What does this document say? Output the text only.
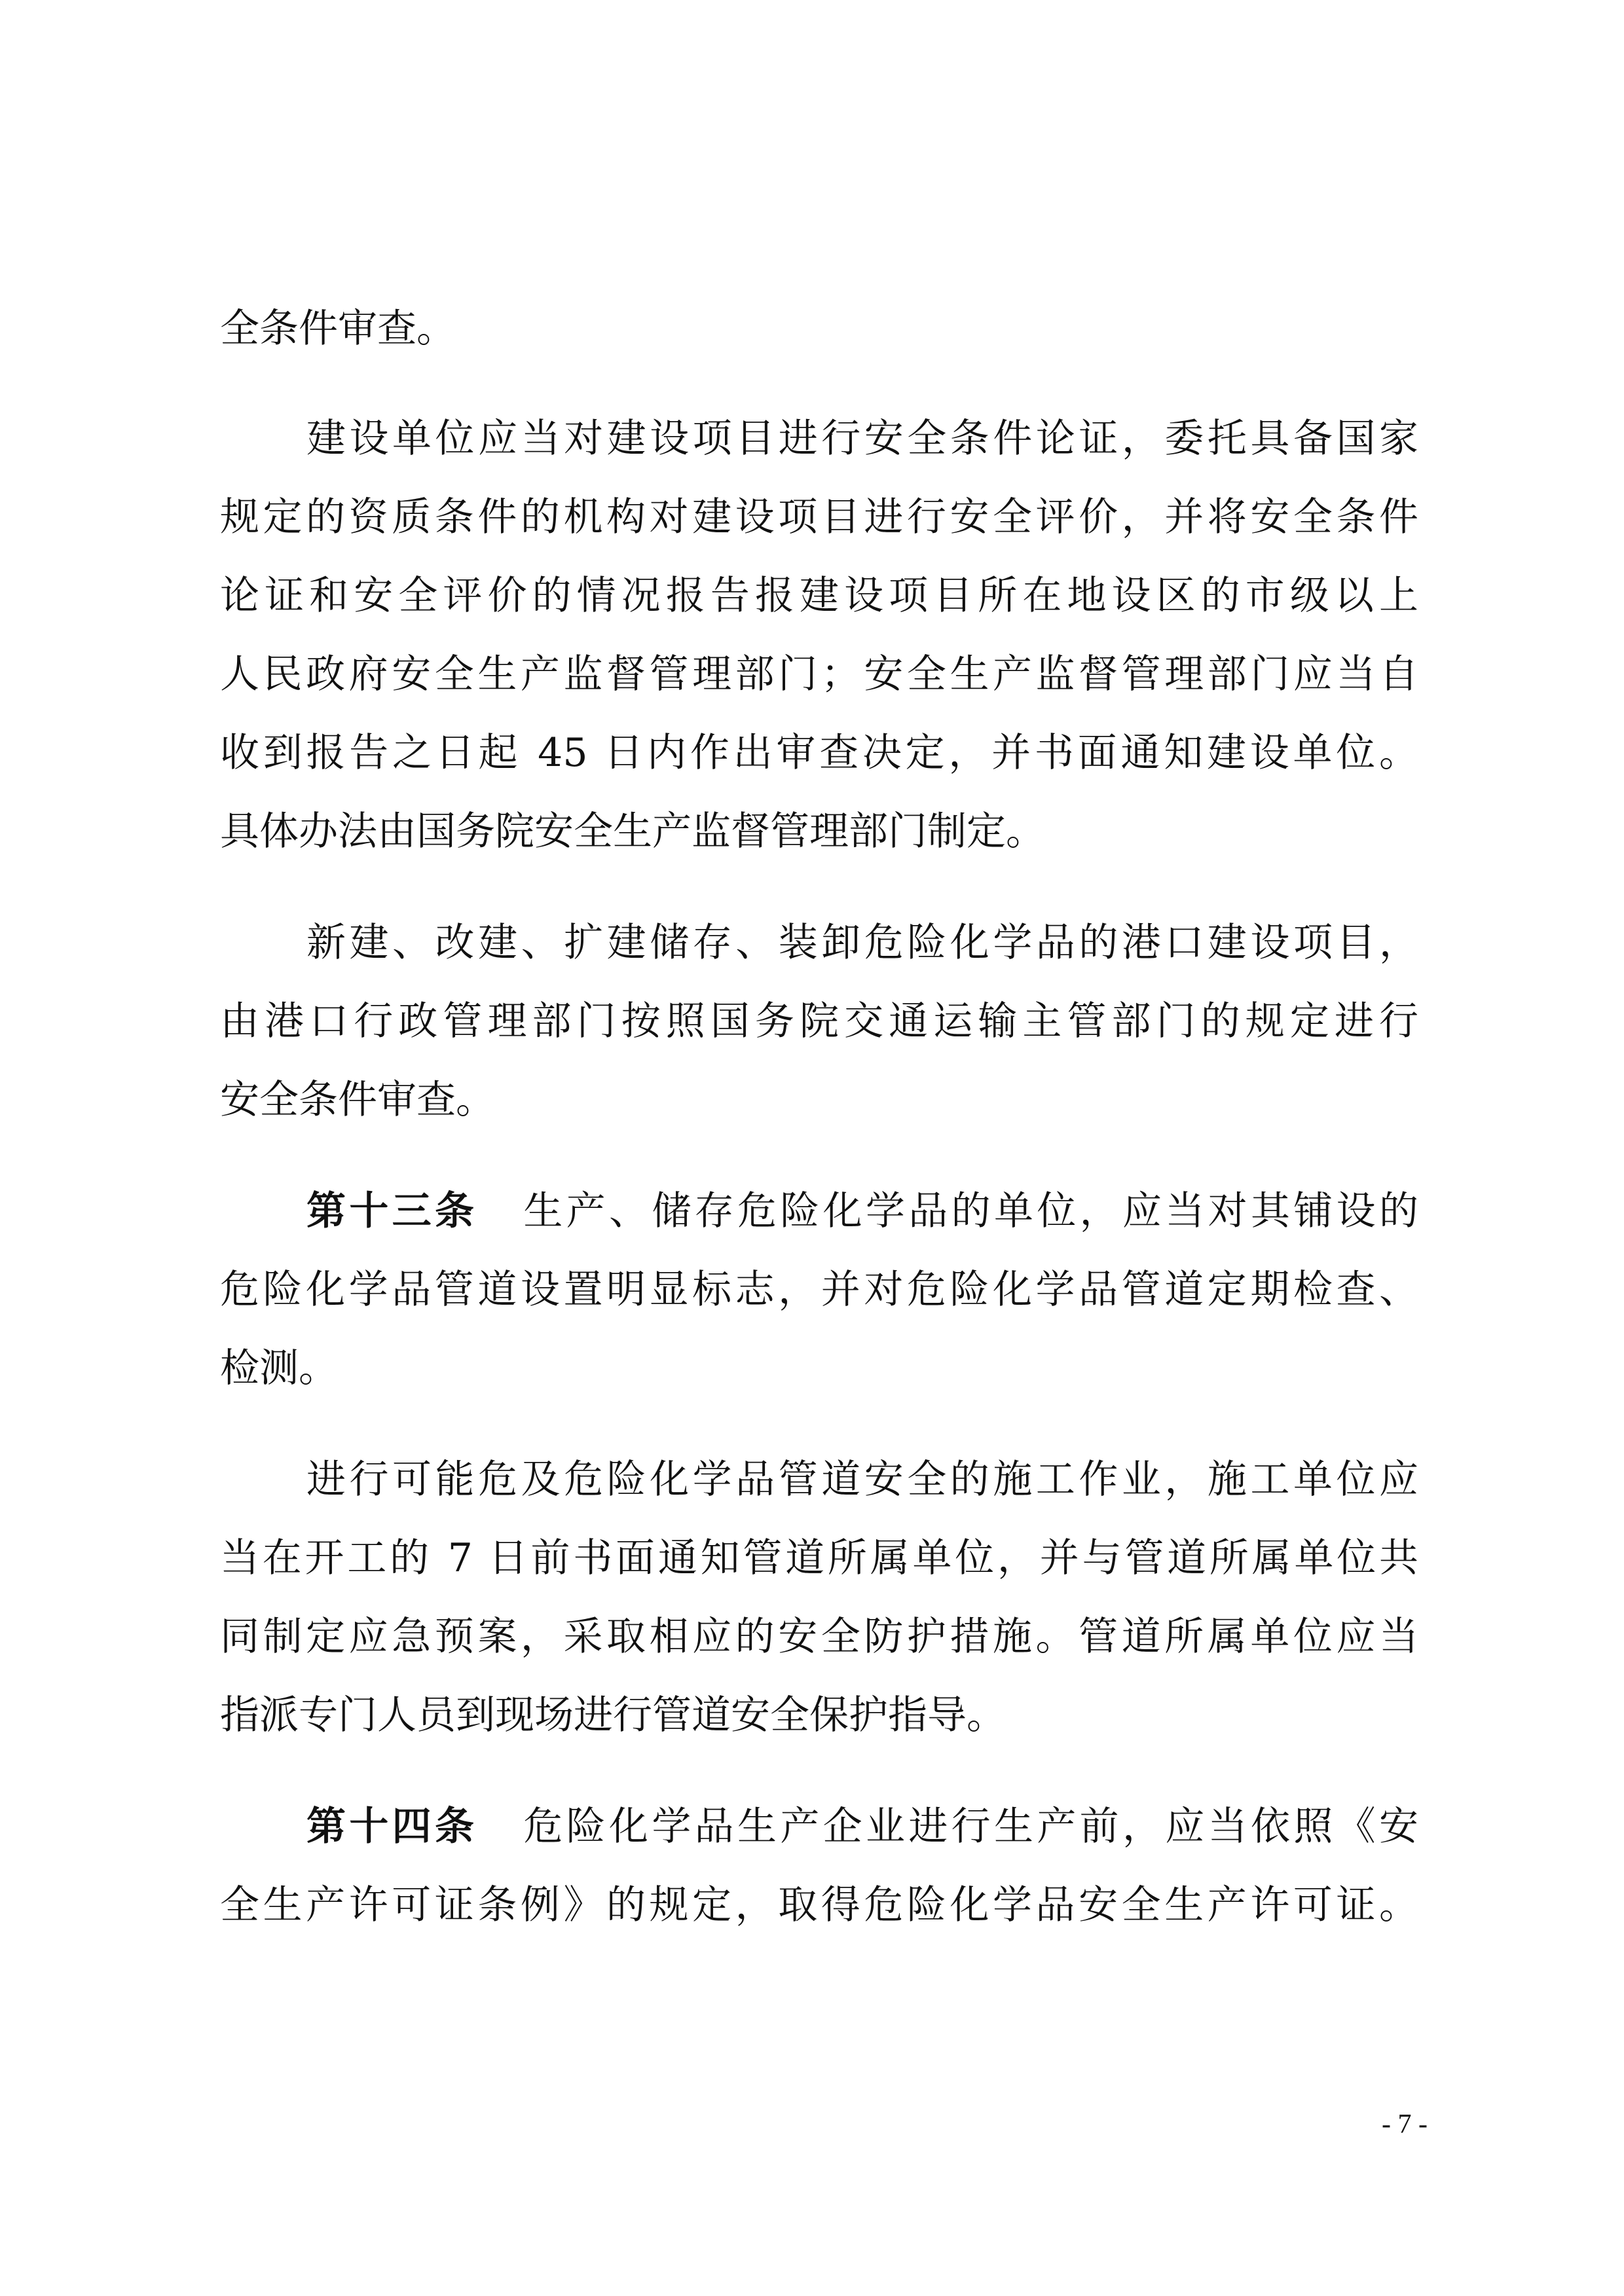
全条件审查。
建设单位应当对建设项目进行安全条件论证，委托具备国家
规定的资质条件的机构对建设项目进行安全评价，并将安全条件
论证和安全评价的情况报告报建设项目所在地设区的市级以上
人民政府安全生产监督管理部门；安全生产监督管理部门应当自
收到报告之日起 45 日内作出审查决定，并书面通知建设单位。
具体办法由国务院安全生产监督管理部门制定。
新建、改建、扩建储存、装卸危险化学品的港口建设项目，
由港口行政管理部门按照国务院交通运输主管部门的规定进行
安全条件审查。
第十三条 生产、储存危险化学品的单位，应当对其铺设的
危险化学品管道设置明显标志，并对危险化学品管道定期检查、
检测。
进行可能危及危险化学品管道安全的施工作业，施工单位应
当在开工的 7 日前书面通知管道所属单位，并与管道所属单位共
同制定应急预案，采取相应的安全防护措施。管道所属单位应当
指派专门人员到现场进行管道安全保护指导。
第十四条 危险化学品生产企业进行生产前，应当依照《安
全生产许可证条例》的规定，取得危险化学品安全生产许可证。
- 7 -
